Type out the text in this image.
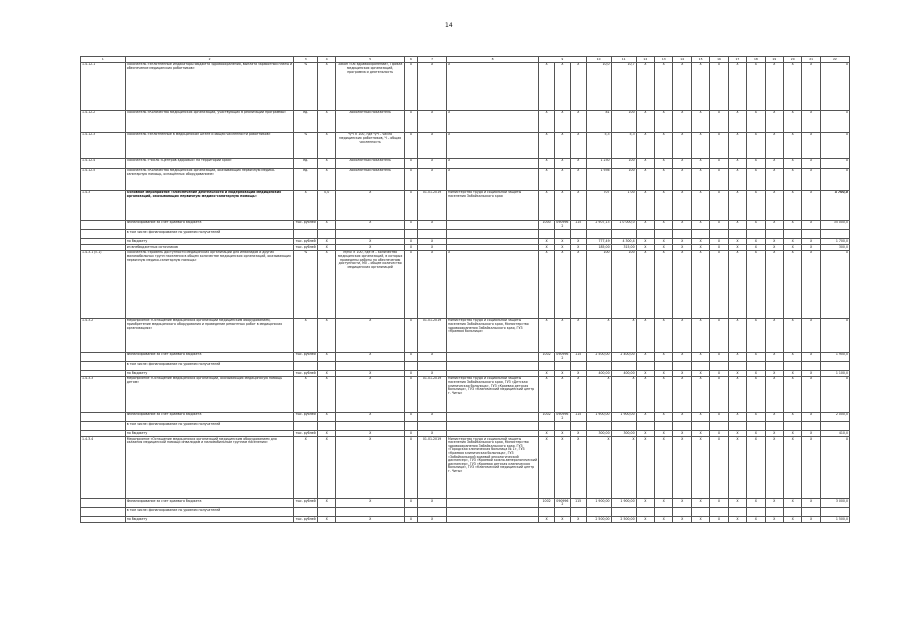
14
1	2	3	4	5	6	7	8	9			10	11	12	13	14	15	16	17	18	19	20	21	22
1.4.12.1	Показатель «Уплотнённые индикаторы бюджета здравоохранения, выплата заработной платы и обеспечение медицинских работников»	%	Х	Закон «Об здравоохранении», Приказ медицинских организаций, программа и деятельность	Х	Х	Х	Х	Х	Х	10,0	10,7	Х	Х	Х	Х	Х	Х	Х	Х	Х	Х	Х
1.4.12.2	Показатель «Количество медицинских организаций, участвующих в реализации программы»	ед.	Х	Абсолютный показатель	Х	Х	Х	Х	Х	Х	81	100	Х	Х	Х	Х	Х	Х	Х	Х	Х	Х	Х
1.4.12.3	Показатель «Уплотнённые в медицинском штате и общей численности работников»	%	Х	Ч/Ч × 100, где Ч/Ч – число медицинских работников, Ч – общая численность	Х	Х	Х	Х	Х	Х	5,3	5,3	Х	Х	Х	Х	Х	Х	Х	Х	Х	Х	Х
1.4.12.4	Показатель «Число «Центров здоровья» на территории края»	ед.	Х	Абсолютный показатель	Х	Х	Х	Х	Х	Х	1 230	100	Х	Х	Х	Х	Х	Х	Х	Х	Х	Х	Х
1.4.12.5	Показатель «Количество медицинских организаций, оказывающих первичную медико-санитарную помощь, оснащённых оборудованием»	ед.	Х	Абсолютный показатель	Х	Х	Х	Х	Х	Х	1 936	100	Х	Х	Х	Х	Х	Х	Х	Х	Х	Х	Х
1.4.3	Основное мероприятие «Обеспечение деятельности и модернизации медицинских организаций, оказывающих первичную медико-санитарную помощь»	Х	0,0	Х	Х	01.01.2019	Министерство труда и социальной защиты населения Забайкальского края	Х	Х	Х	707	1 00	Х	Х	Х	Х	Х	Х	Х	Х	Х	Х	3 700,0
	Финансирование за счет краевого бюджета	тыс. рублей	Х	Х	Х	Х		1000	0909962	115	2 907,13	1 0 000,0	Х	Х	Х	Х	Х	Х	Х	Х	Х	Х	35 000,0
	в том числе: финансирование по уровням получателей																						
	по бюджету	тыс. рублей	Х	Х	Х	Х		Х	Х	Х	777,49	4 300,4	Х	Х	Х	Х	Х	Х	Х	Х	Х	Х	1 700,0
	из внебюджетных источников	тыс. рублей	Х	Х	Х	Х		Х	Х	Х	185,00	315,00	Х	Х	Х	Х	Х	Х	Х	Х	Х	Х	300,0
1.4.3.1 (с.1)	Показатель «Уровень доступности медицинских организаций для инвалидов и других маломобильных групп населения в общем количестве медицинских организаций, оказывающих первичную медико-санитарную помощь»	%	Х	М/М0 × 100, где М – количество медицинских организаций, в которых проведены работы по обеспечению доступности, М0 – общее количество медицинских организаций	Х	Х	Х	Х	Х	Х	100	100	Х	Х	Х	Х	Х	Х	Х	Х	Х	Х	Х
1.4.3.2	Мероприятие «Оснащение медицинских организаций медицинским оборудованием, приобретение медицинского оборудования и проведение ремонтных работ в медицинских организациях»	Х	Х	Х	Х	01.01.2019	Министерство труда и социальной защиты населения Забайкальского края, Министерство здравоохранения Забайкальского края, ГУЗ «Краевая больница»	Х	Х	Х	Х	Х	Х	Х	Х	Х	Х	Х	Х	Х	Х	Х	Х
	Финансирование за счет краевого бюджета	тыс. рублей	Х	Х	Х	Х		1002	0909962	115	2 500,00	2 400,00	Х	Х	Х	Х	Х	Х	Х	Х	Х	Х	1 900,0
	в том числе: финансирование по уровням получателей																						
	по бюджету	тыс. рублей	Х	Х	Х	Х		Х	Х	Х	400,00	400,00	Х	Х	Х	Х	Х	Х	Х	Х	Х	Х	1 100,0
1.4.3.3	Мероприятие «Оснащение медицинских организаций, оказывающих медицинскую помощь детям»	Х	Х	Х	Х	01.01.2019	Министерство труда и социальной защиты населения Забайкальского края, ГУЗ «Детская клиническая больница», ГУЗ «Краевая детская больница», ГУЗ «Клинический медицинский центр г. Читы»	Х	Х	Х	Х	Х	Х	Х	Х	Х	Х	Х	Х	Х	Х	Х	Х
	Финансирование за счет краевого бюджета	тыс. рублей	Х	Х	Х	Х		1002	0909962	115	1 900,00	1 900,00	Х	Х	Х	Х	Х	Х	Х	Х	Х	Х	2 000,0
	в том числе: финансирование по уровням получателей																						
	по бюджету	тыс. рублей	Х	Х	Х	Х		Х	Х	Х	300,00	300,00	Х	Х	Х	Х	Х	Х	Х	Х	Х	Х	410,0
1.4.3.4	Мероприятие «Оснащение медицинских организаций медицинским оборудованием для оказания медицинской помощи инвалидам и маломобильным группам населения»	Х	Х	Х	Х	01.01.2019	Министерство труда и социальной защиты населения Забайкальского края, Министерство здравоохранения Забайкальского края, ГУЗ «Городская клиническая больница № 1», ГУЗ «Краевая клиническая больница», ГУЗ «Забайкальский краевой онкологический диспансер», ГУЗ «Краевой кожно-венерологический диспансер», ГУЗ «Краевая детская клиническая больница», ГУЗ «Клинический медицинский центр г. Читы»	Х	Х	Х	Х	Х	Х	Х	Х	Х	Х	Х	Х	Х	Х	Х	Х
	Финансирование за счет краевого бюджета	тыс. рублей	Х	Х	Х	Х		1002	0909962	115	1 900,00	1 900,00	Х	Х	Х	Х	Х	Х	Х	Х	Х	Х	3 000,0
	в том числе: финансирование по уровням получателей																						
	по бюджету	тыс. рублей	Х	Х	Х	Х		Х	Х	Х	2 500,00	2 500,00	Х	Х	Х	Х	Х	Х	Х	Х	Х	Х	1 500,0
